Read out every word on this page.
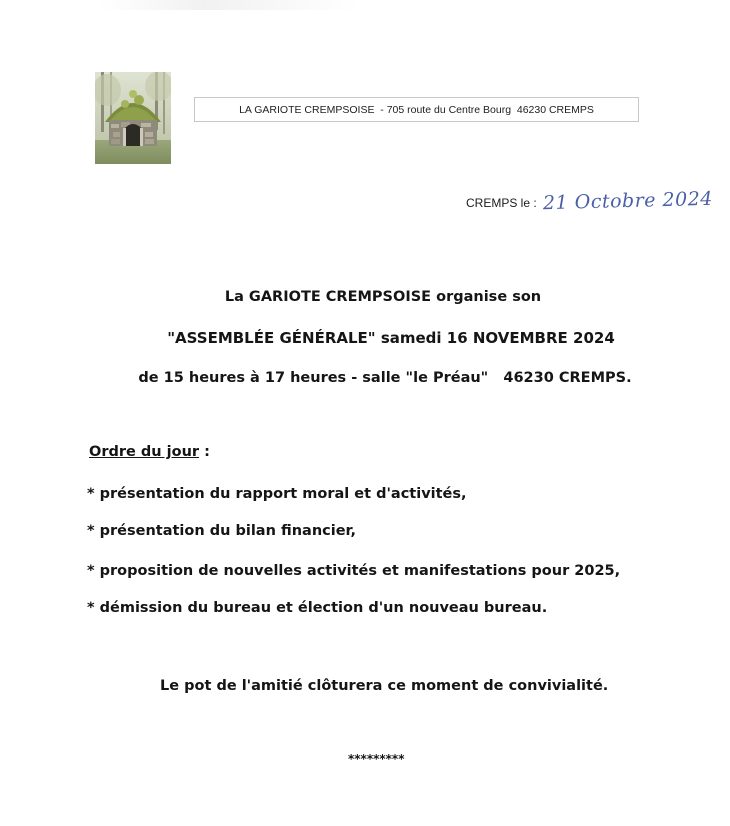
LA GARIOTE CREMPSOISE  - 705 route du Centre Bourg  46230 CREMPS
CREMPS le : 21 Octobre 2024
La GARIOTE CREMPSOISE organise son
"ASSEMBLÉE GÉNÉRALE" samedi 16 NOVEMBRE 2024
de 15 heures à 17 heures - salle "le Préau"   46230 CREMPS.
Ordre du jour :
* présentation du rapport moral et d'activités,
* présentation du bilan financier,
* proposition de nouvelles activités et manifestations pour 2025,
* démission du bureau et élection d'un nouveau bureau.
Le pot de l'amitié clôturera ce moment de convivialité.
*********
